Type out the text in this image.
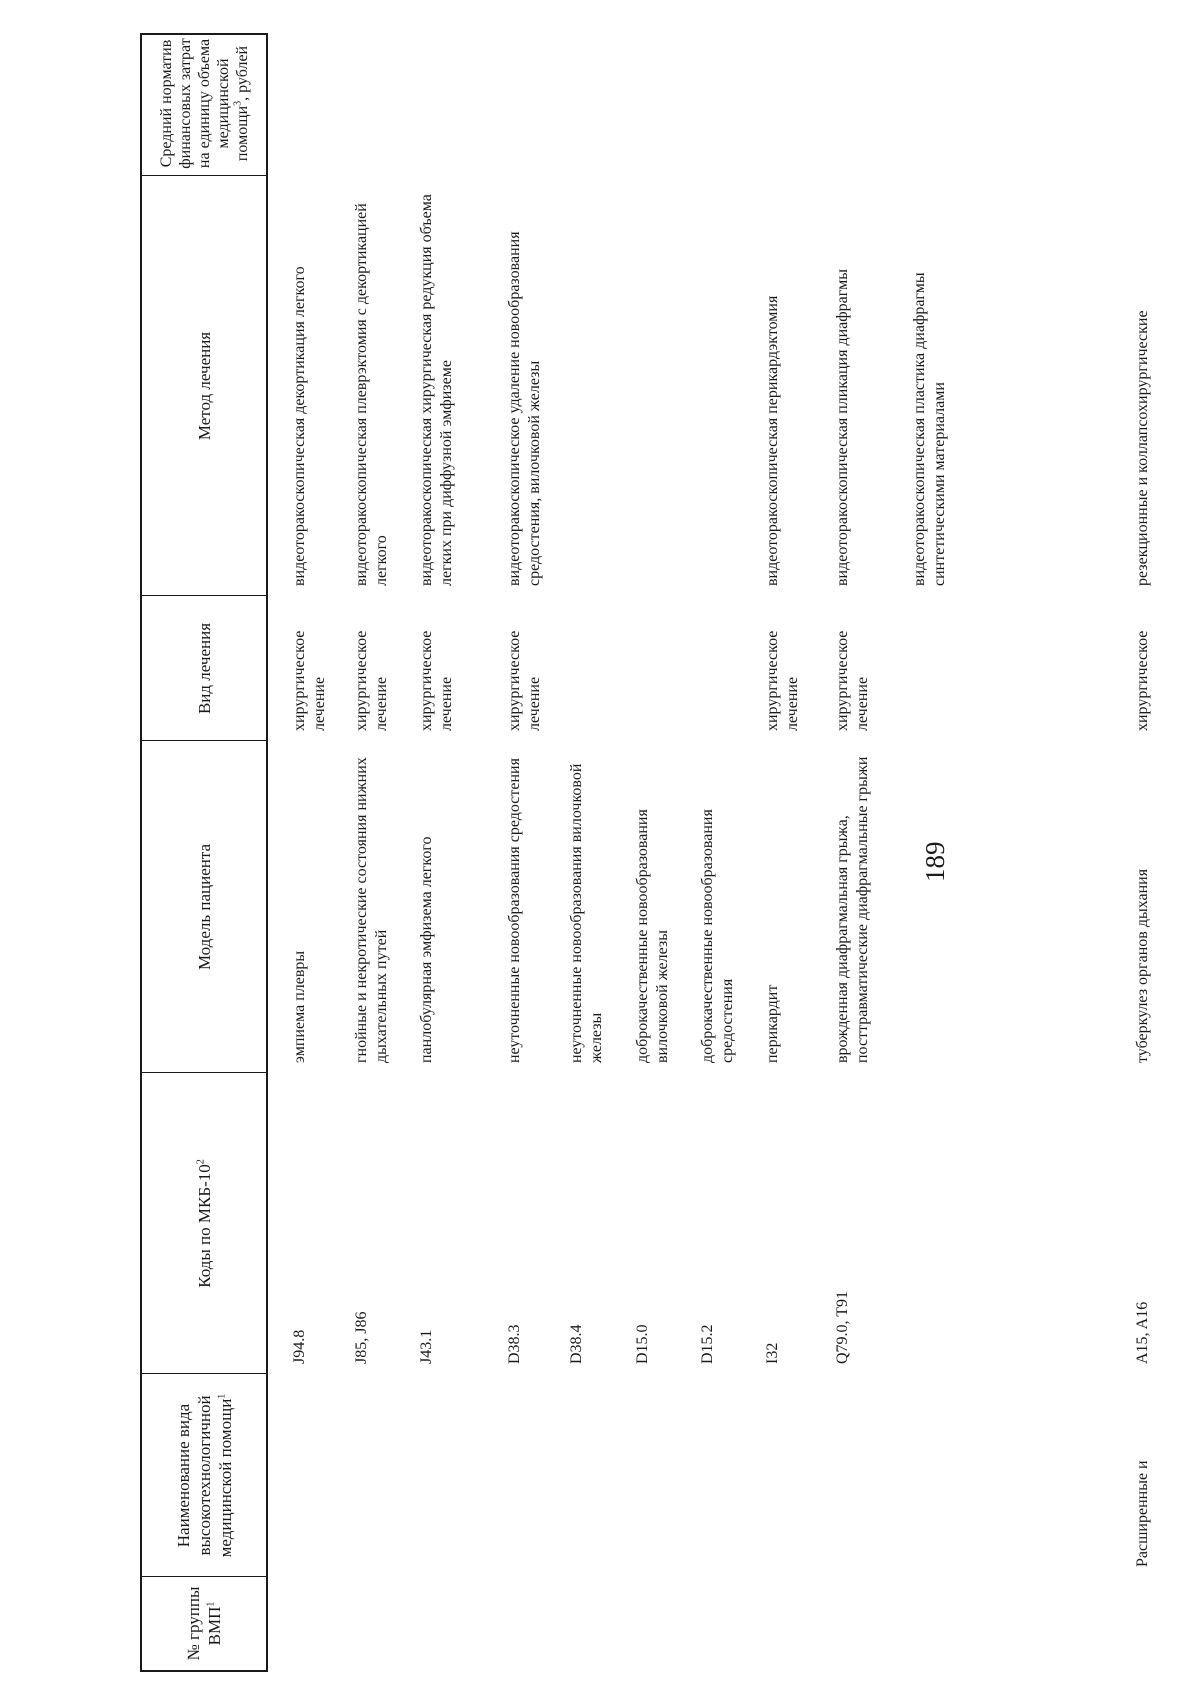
189
№ группы ВМП$^1$
Наименование вида высокотехнологичной медицинской помощи$^1$
Коды по МКБ-$10^2$
Модель пациента
Вид лечения
Метод лечения
Средний норматив финансовых затрат на единицу объема медицинской помощи$^3$, рублей
J94.8
эмпиема плевры
хирургическое лечение
видеоторакоскопическая декортикация легкого
J85, J86
гнойные и некротические состояния нижних дыхательных путей
хирургическое лечение
видеоторакоскопическая плеврэктомия с декортикацией легкого
J43.1
панлобулярная эмфизема легкого
хирургическое лечение
видеоторакоскопическая хирургическая редукция объема легких при диффузной эмфиземе
D38.3
неуточненные новообразования средостения
хирургическое лечение
видеоторакоскопическое удаление новообразования средостения, вилочковой железы
D38.4
неуточненные новообразования вилочковой железы
D15.0
доброкачественные новообразования вилочковой железы
D15.2
доброкачественные новообразования средостения
I32
перикардит
хирургическое лечение
видеоторакоскопическая перикардэктомия
Q79.0, T91
врожденная диафрагмальная грыжа, посттравматические диафрагмальные грыжи
хирургическое лечение
видеоторакоскопическая пликация диафрагмы	видеоторакоскопическая пластика диафрагмы синтетическими материалами
Расширенные и
A15, A16
туберкулез органов дыхания
хирургическое
резекционные и коллапсохирургические
